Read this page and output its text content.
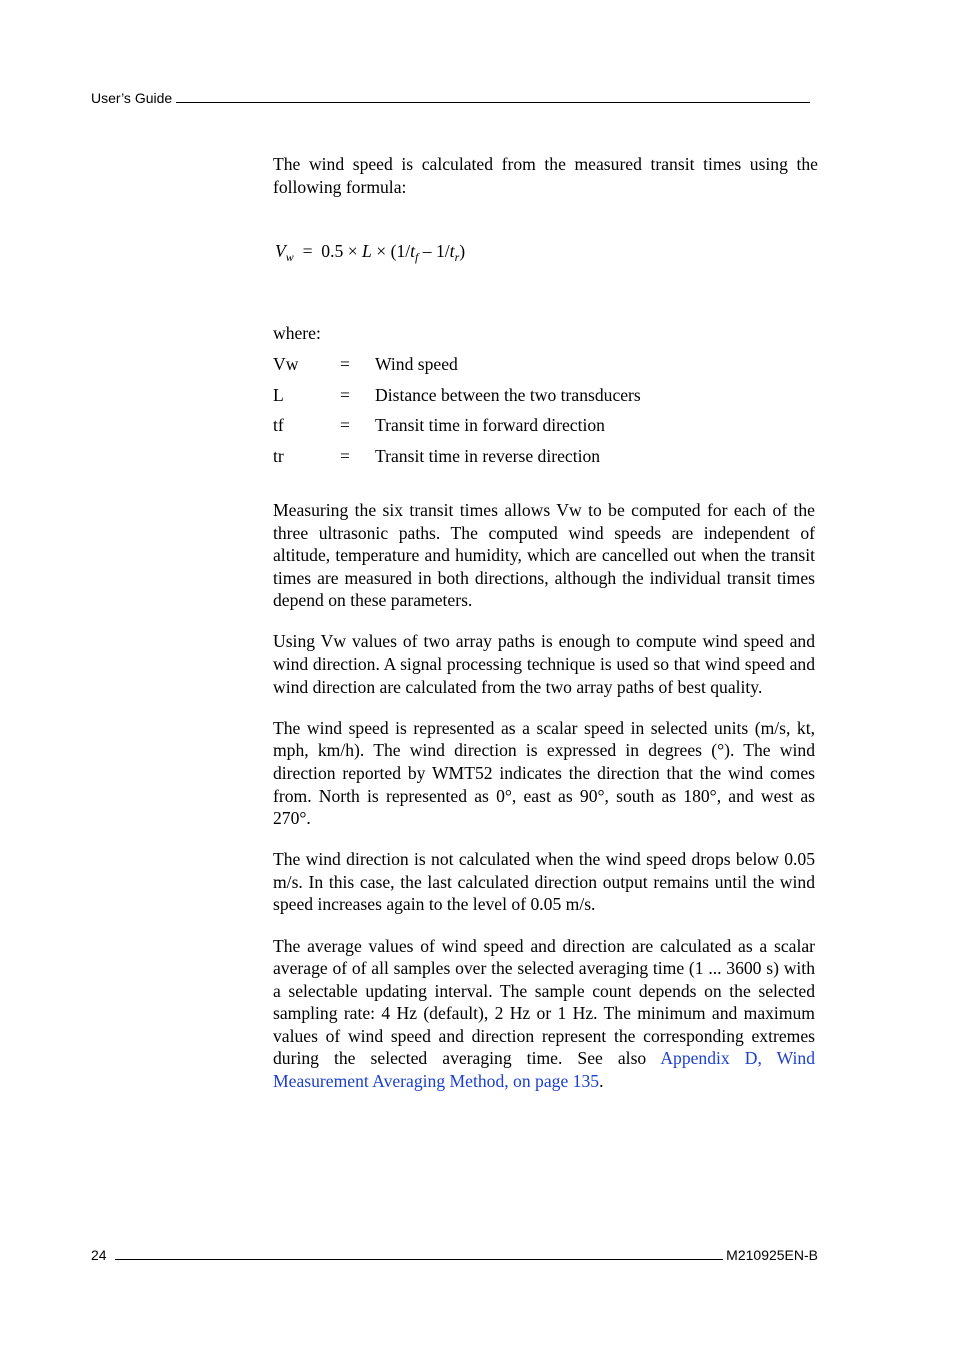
User’s Guide

The wind speed is calculated from the measured transit times using the following formula:

$V_w = 0.5 \times L \times (1/t_f - 1/t_r)$
where:
Vw	=	Wind speed
L	=	Distance between the two transducers
tf	=	Transit time in forward direction
tr	=	Transit time in reverse direction

Measuring the six transit times allows Vw to be computed for each of the three ultrasonic paths. The computed wind speeds are independent of altitude, temperature and humidity, which are cancelled out when the transit times are measured in both directions, although the individual transit times depend on these parameters.

Using Vw values of two array paths is enough to compute wind speed and wind direction. A signal processing technique is used so that wind speed and wind direction are calculated from the two array paths of best quality.

The wind speed is represented as a scalar speed in selected units (m/s, kt, mph, km/h). The wind direction is expressed in degrees (°). The wind direction reported by WMT52 indicates the direction that the wind comes from. North is represented as 0°, east as 90°, south as 180°, and west as 270°.

The wind direction is not calculated when the wind speed drops below 0.05 m/s. In this case, the last calculated direction output remains until the wind speed increases again to the level of 0.05 m/s.

The average values of wind speed and direction are calculated as a scalar average of of all samples over the selected averaging time (1 ... 3600 s) with a selectable updating interval. The sample count depends on the selected sampling rate: 4 Hz (default), 2 Hz or 1 Hz. The minimum and maximum values of wind speed and direction represent the corresponding extremes during the selected averaging time. See also Appendix D, Wind Measurement Averaging Method, on page 135.

24	M210925EN-B
